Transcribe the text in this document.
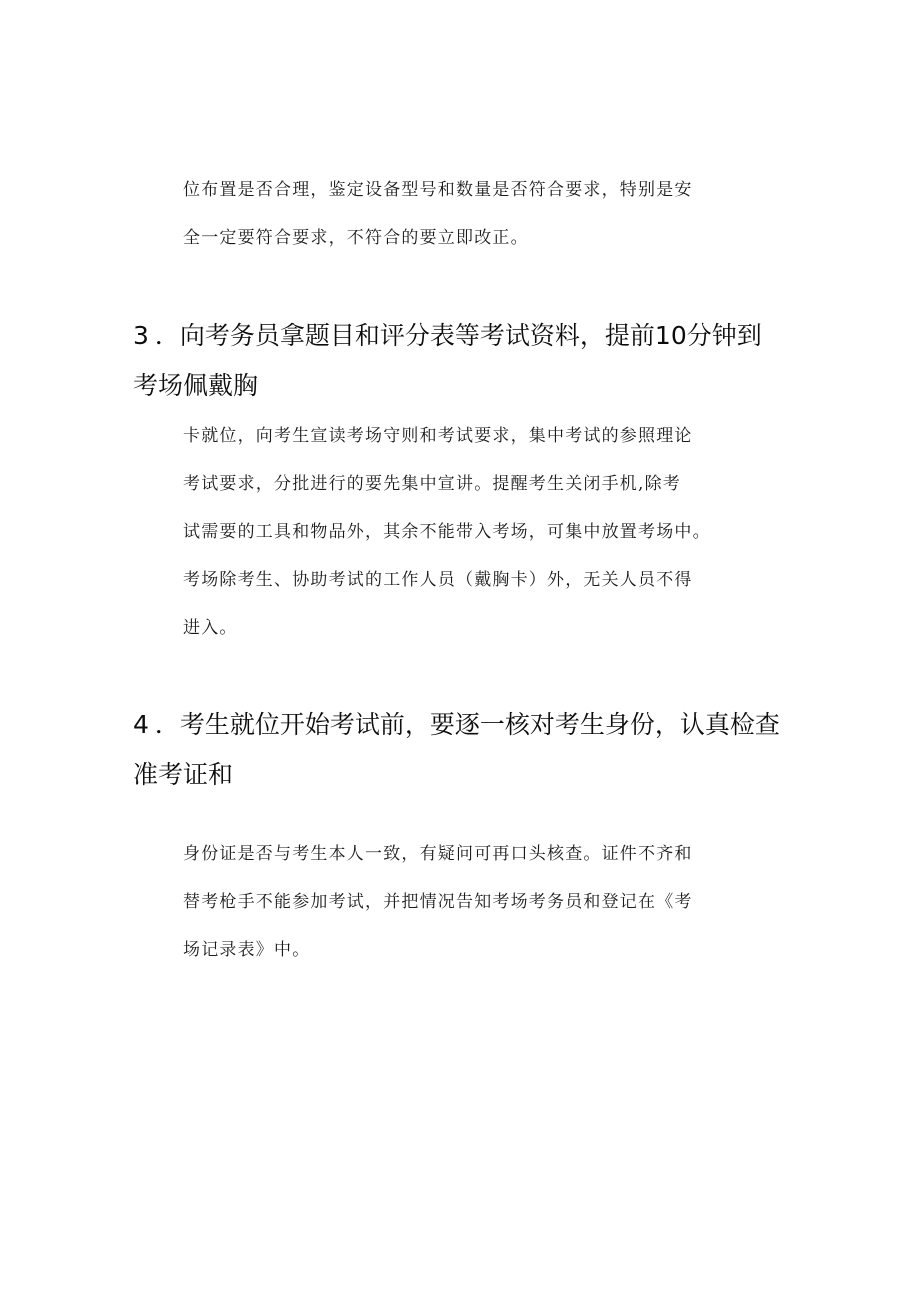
位布置是否合理，鉴定设备型号和数量是否符合要求，特别是安
全一定要符合要求，不符合的要立即改正。
3 ．向考务员拿题目和评分表等考试资料，提前10分钟到
考场佩戴胸
卡就位，向考生宣读考场守则和考试要求，集中考试的参照理论
考试要求，分批进行的要先集中宣讲。提醒考生关闭手机,除考
试需要的工具和物品外，其余不能带入考场，可集中放置考场中。
考场除考生、协助考试的工作人员（戴胸卡）外，无关人员不得
进入。
4 ．考生就位开始考试前，要逐一核对考生身份，认真检查
准考证和
身份证是否与考生本人一致，有疑问可再口头核查。证件不齐和
替考枪手不能参加考试，并把情况告知考场考务员和登记在《考
场记录表》中。
